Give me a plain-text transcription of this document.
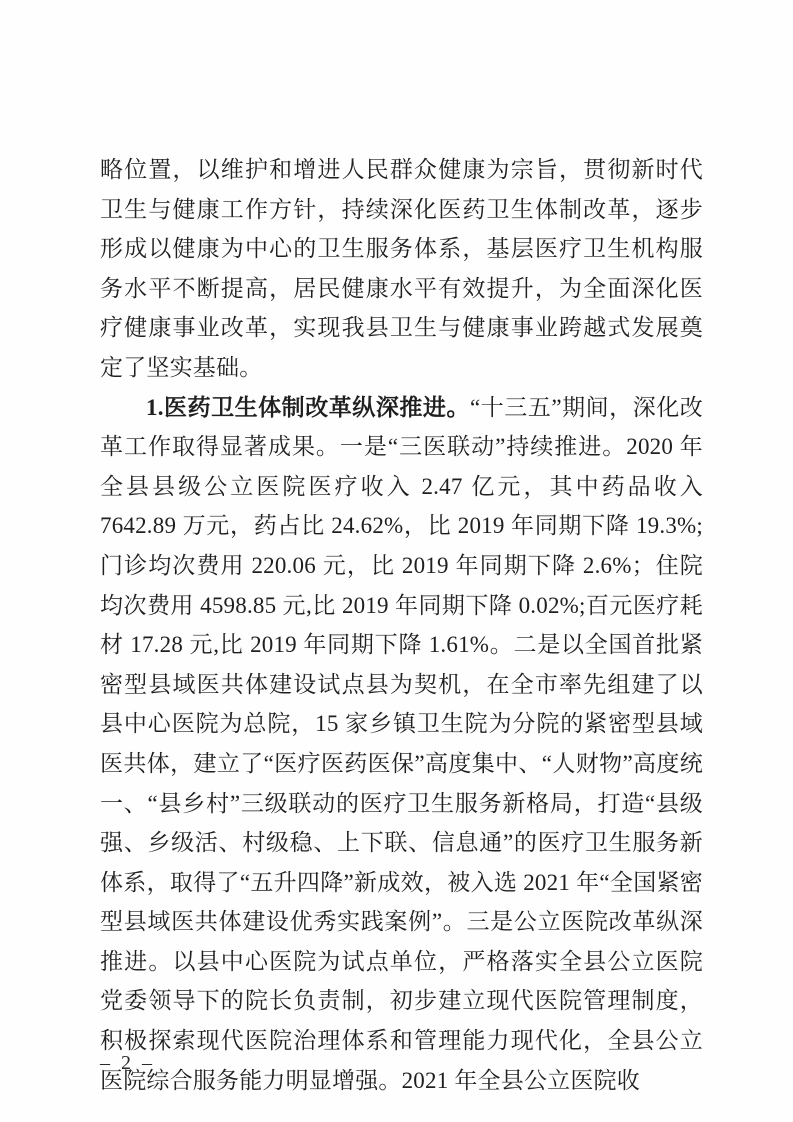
略位置，以维护和增进人民群众健康为宗旨，贯彻新时代卫生与健康工作方针，持续深化医药卫生体制改革，逐步形成以健康为中心的卫生服务体系，基层医疗卫生机构服务水平不断提高，居民健康水平有效提升，为全面深化医疗健康事业改革，实现我县卫生与健康事业跨越式发展奠定了坚实基础。

1.医药卫生体制改革纵深推进。“十三五”期间，深化改革工作取得显著成果。一是“三医联动”持续推进。2020 年全县县级公立医院医疗收入 2.47 亿元，其中药品收入 7642.89 万元，药占比 24.62%，比 2019 年同期下降 19.3%;门诊均次费用 220.06 元，比 2019 年同期下降 2.6%；住院均次费用 4598.85 元,比 2019 年同期下降 0.02%;百元医疗耗材 17.28 元,比 2019 年同期下降 1.61%。二是以全国首批紧密型县域医共体建设试点县为契机，在全市率先组建了以县中心医院为总院，15 家乡镇卫生院为分院的紧密型县域医共体，建立了“医疗医药医保”高度集中、“人财物”高度统一、“县乡村”三级联动的医疗卫生服务新格局，打造“县级强、乡级活、村级稳、上下联、信息通”的医疗卫生服务新体系，取得了“五升四降”新成效，被入选 2021 年“全国紧密型县域医共体建设优秀实践案例”。三是公立医院改革纵深推进。以县中心医院为试点单位，严格落实全县公立医院党委领导下的院长负责制，初步建立现代医院管理制度，积极探索现代医院治理体系和管理能力现代化，全县公立医院综合服务能力明显增强。2021 年全县公立医院收

– 2 –
